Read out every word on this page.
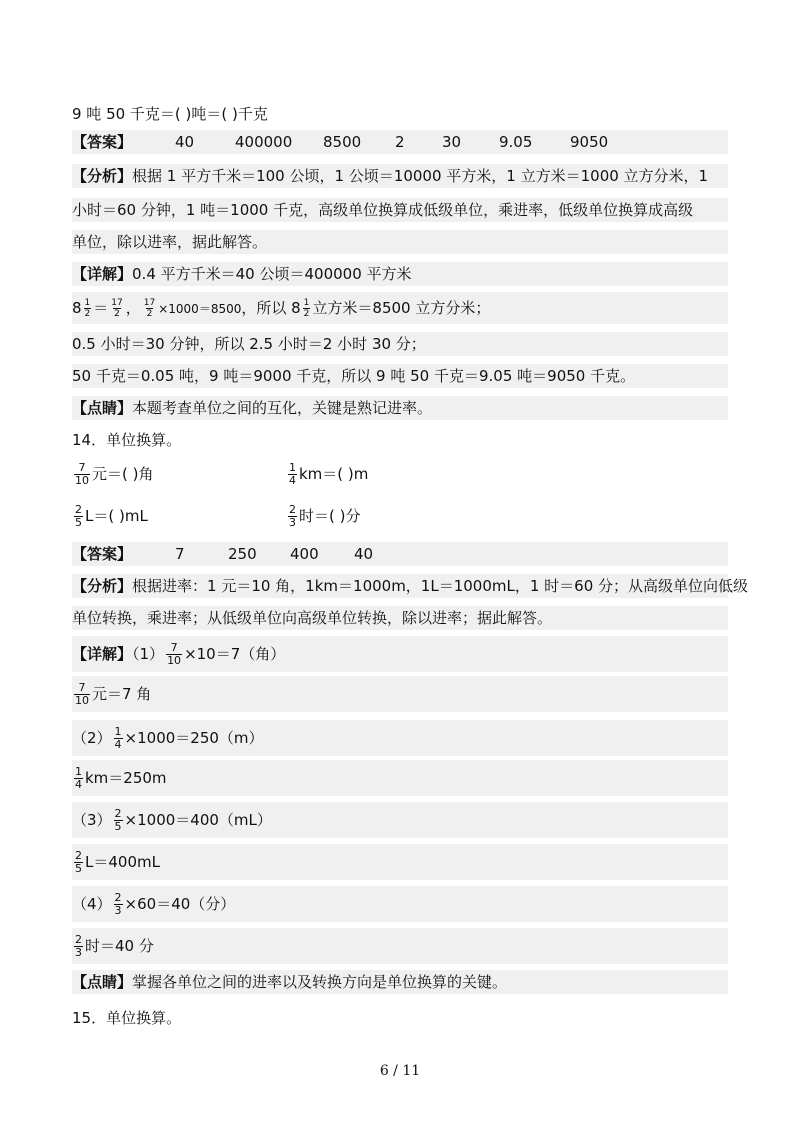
9 吨 50 千克＝( )吨＝( )千克
【答案】	40	400000 8500 2 30	9.05	9050
【分析】根据 1 平方千米＝100 公顷，1 公顷＝10000 平方米，1 立方米＝1000 立方分米，1
小时＝60 分钟，1 吨＝1000 千克，高级单位换算成低级单位，乘进率，低级单位换算成高级
单位，除以进率，据此解答。
【详解】0.4 平方千米＝40 公顷＝400000 平方米
$8 \frac{1}{2} = \frac{17}{2}$ ， $\frac{17}{2} \times 1000=8500$，所以 $8 \frac{1}{2}$ 立方米＝8500 立方分米；
0.5 小时＝30 分钟，所以 2.5 小时＝2 小时 30 分；
50 千克＝0.05 吨，9 吨＝9000 千克，所以 9 吨 50 千克＝9.05 吨＝9050 千克。
【点睛】本题考查单位之间的互化，关键是熟记进率。
14．单位换算。
$\frac{7}{10}$ 元＝( )角	$\frac{1}{4} km=$( )m
$\frac{2}{5} L=$( )mL	$\frac{2}{3}$ 时＝( )分
【答案】	7	250 400 40
【分析】根据进率：1 元＝10 角，1km＝1000m，1L＝1000mL，1 时＝60 分；从高级单位向低级
单位转换，乘进率；从低级单位向高级单位转换，除以进率；据此解答。
【详解】$(1) \frac{7}{10} \times 10=7$（角）
$\frac{7}{10}$ 元＝7 角
$(2) \frac{1}{4} \times 1000=250(m)$
$\frac{1}{4} km=250m$
$(3) \frac{2}{5} \times 1000=400(mL)$
$\frac{2}{5} L=400mL$
$(4) \frac{2}{3} \times 60=40$（分）
$\frac{2}{3}$ 时＝40 分
【点睛】掌握各单位之间的进率以及转换方向是单位换算的关键。
15．单位换算。
6 / 11
